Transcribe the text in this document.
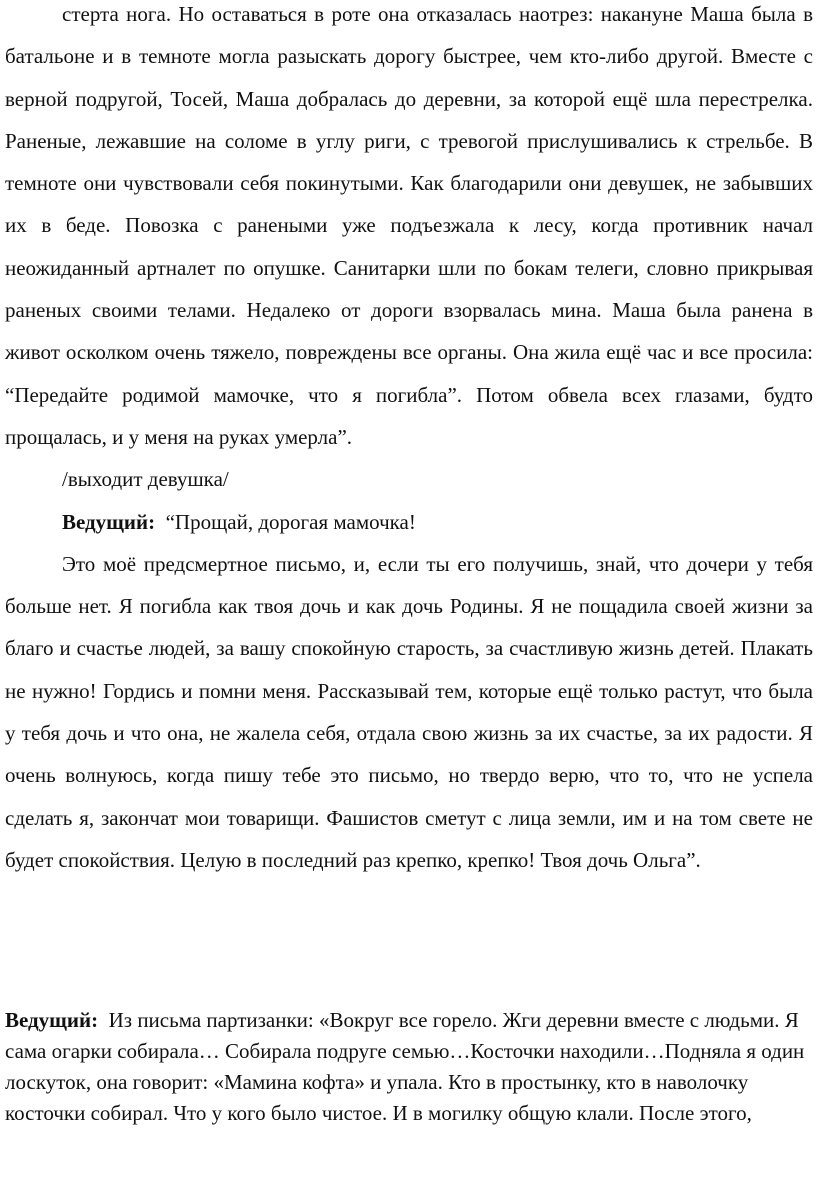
стерта нога. Но оставаться в роте она отказалась наотрез: накануне Маша была в батальоне и в темноте могла разыскать дорогу быстрее, чем кто-либо другой. Вместе с верной подругой, Тосей, Маша добралась до деревни, за которой ещё шла перестрелка. Раненые, лежавшие на соломе в углу риги, с тревогой прислушивались к стрельбе. В темноте они чувствовали себя покинутыми. Как благодарили они девушек, не забывших их в беде. Повозка с ранеными уже подъезжала к лесу, когда противник начал неожиданный артналет по опушке. Санитарки шли по бокам телеги, словно прикрывая раненых своими телами. Недалеко от дороги взорвалась мина. Маша была ранена в живот осколком очень тяжело, повреждены все органы. Она жила ещё час и все просила: “Передайте родимой мамочке, что я погибла”. Потом обвела всех глазами, будто прощалась, и у меня на руках умерла”.

/выходит девушка/

Ведущий: “Прощай, дорогая мамочка!

Это моё предсмертное письмо, и, если ты его получишь, знай, что дочери у тебя больше нет. Я погибла как твоя дочь и как дочь Родины. Я не пощадила своей жизни за благо и счастье людей, за вашу спокойную старость, за счастливую жизнь детей. Плакать не нужно! Гордись и помни меня. Рассказывай тем, которые ещё только растут, что была у тебя дочь и что она, не жалела себя, отдала свою жизнь за их счастье, за их радости. Я очень волнуюсь, когда пишу тебе это письмо, но твердо верю, что то, что не успела сделать я, закончат мои товарищи. Фашистов сметут с лица земли, им и на том свете не будет спокойствия. Целую в последний раз крепко, крепко! Твоя дочь Ольга”.

Ведущий: Из письма партизанки: «Вокруг все горело. Жги деревни вместе с людьми. Я сама огарки собирала… Собирала подруге семью…Косточки находили…Подняла я один лоскуток, она говорит: «Мамина кофта» и упала. Кто в простынку, кто в наволочку косточки собирал. Что у кого было чистое. И в могилку общую клали. После этого,
